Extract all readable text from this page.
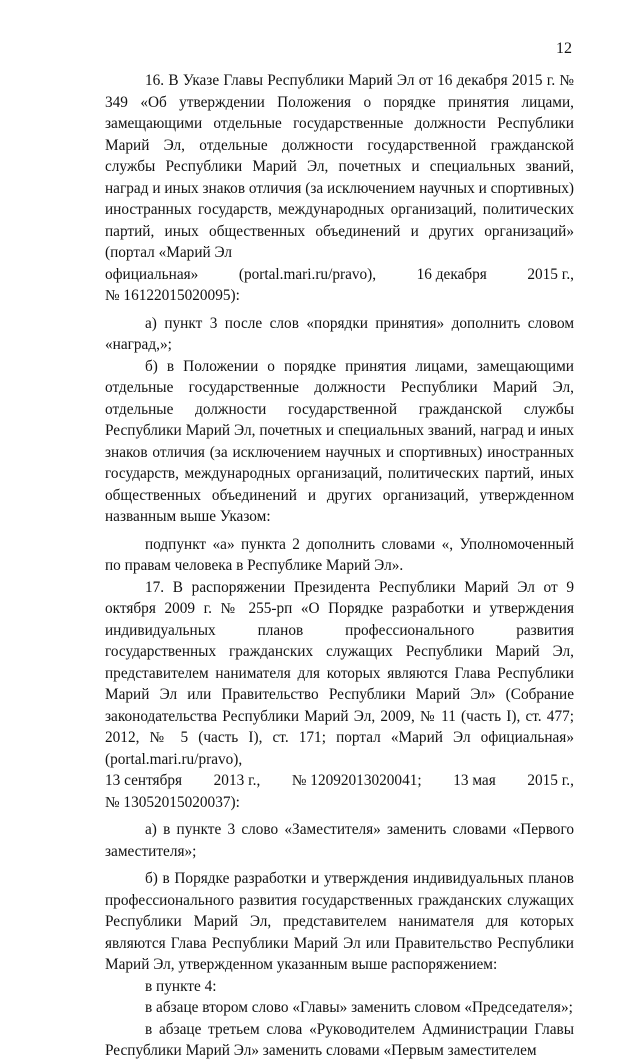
12

16. В Указе Главы Республики Марий Эл от 16 декабря 2015 г. № 349 «Об утверждении Положения о порядке принятия лицами, замещающими отдельные государственные должности Республики Марий Эл, отдельные должности государственной гражданской службы Республики Марий Эл, почетных и специальных званий, наград и иных знаков отличия (за исключением научных и спортивных) иностранных государств, международных организаций, политических партий, иных общественных объединений и других организаций» (портал «Марий Эл

официальная»	(portal.mari.ru/pravo),	16 декабря	2015 г.,

№ 16122015020095):

а) пункт 3 после слов «порядки принятия» дополнить словом «наград,»;

б) в Положении о порядке принятия лицами, замещающими отдельные государственные должности Республики Марий Эл, отдельные должности государственной гражданской службы Республики Марий Эл, почетных и специальных званий, наград и иных знаков отличия (за исключением научных и спортивных) иностранных государств, международных организаций, политических партий, иных общественных объединений и других организаций, утвержденном названным выше Указом:

подпункт «а» пункта 2 дополнить словами «, Уполномоченный по правам человека в Республике Марий Эл».

17. В распоряжении Президента Республики Марий Эл от 9 октября 2009 г. № 255-рп «О Порядке разработки и утверждения индивидуальных планов профессионального развития государственных гражданских служащих Республики Марий Эл, представителем нанимателя для которых являются Глава Республики Марий Эл или Правительство Республики Марий Эл» (Собрание законодательства Республики Марий Эл, 2009, № 11 (часть I), ст. 477; 2012, № 5 (часть I), ст. 171; портал «Марий Эл официальная» (portal.mari.ru/pravo),

13 сентября 2013 г., № 12092013020041; 13 мая 2015 г.,

№ 13052015020037):

а) в пункте 3 слово «Заместителя» заменить словами «Первого заместителя»;

б) в Порядке разработки и утверждения индивидуальных планов профессионального развития государственных гражданских служащих Республики Марий Эл, представителем нанимателя для которых являются Глава Республики Марий Эл или Правительство Республики Марий Эл, утвержденном указанным выше распоряжением:

в пункте 4:

в абзаце втором слово «Главы» заменить словом «Председателя»;

в абзаце третьем слова «Руководителем Администрации Главы Республики Марий Эл» заменить словами «Первым заместителем
